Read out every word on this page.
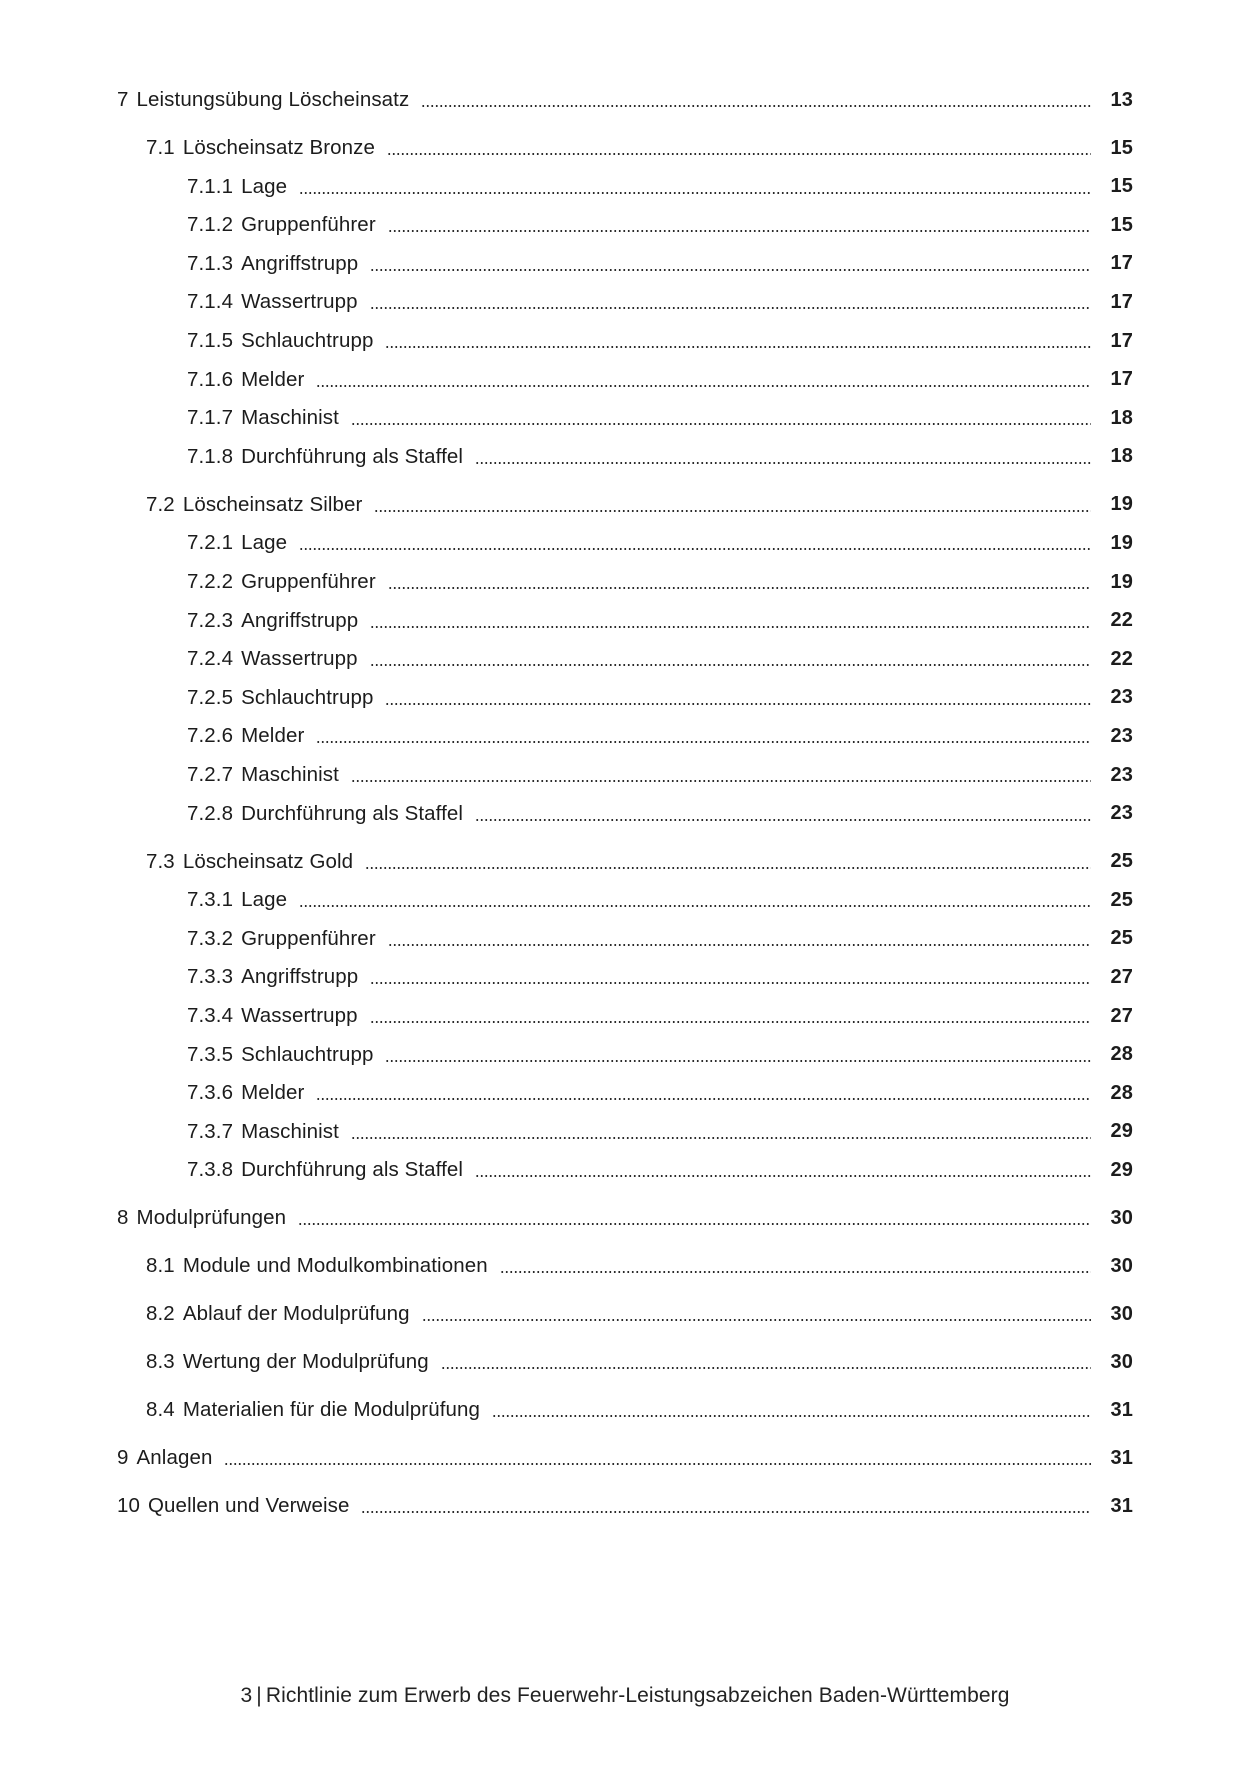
7 Leistungsübung Löscheinsatz	13
7.1 Löscheinsatz Bronze	15
7.1.1 Lage	15
7.1.2 Gruppenführer	15
7.1.3 Angriffstrupp	17
7.1.4 Wassertrupp	17
7.1.5 Schlauchtrupp	17
7.1.6 Melder	17
7.1.7 Maschinist	18
7.1.8 Durchführung als Staffel	18
7.2 Löscheinsatz Silber	19
7.2.1 Lage	19
7.2.2 Gruppenführer	19
7.2.3 Angriffstrupp	22
7.2.4 Wassertrupp	22
7.2.5 Schlauchtrupp	23
7.2.6 Melder	23
7.2.7 Maschinist	23
7.2.8 Durchführung als Staffel	23
7.3 Löscheinsatz Gold	25
7.3.1 Lage	25
7.3.2 Gruppenführer	25
7.3.3 Angriffstrupp	27
7.3.4 Wassertrupp	27
7.3.5 Schlauchtrupp	28
7.3.6 Melder	28
7.3.7 Maschinist	29
7.3.8 Durchführung als Staffel	29
8 Modulprüfungen	30
8.1 Module und Modulkombinationen	30
8.2 Ablauf der Modulprüfung	30
8.3 Wertung der Modulprüfung	30
8.4 Materialien für die Modulprüfung	31
9 Anlagen	31
10 Quellen und Verweise	31
3 | Richtlinie zum Erwerb des Feuerwehr-Leistungsabzeichen Baden-Württemberg
